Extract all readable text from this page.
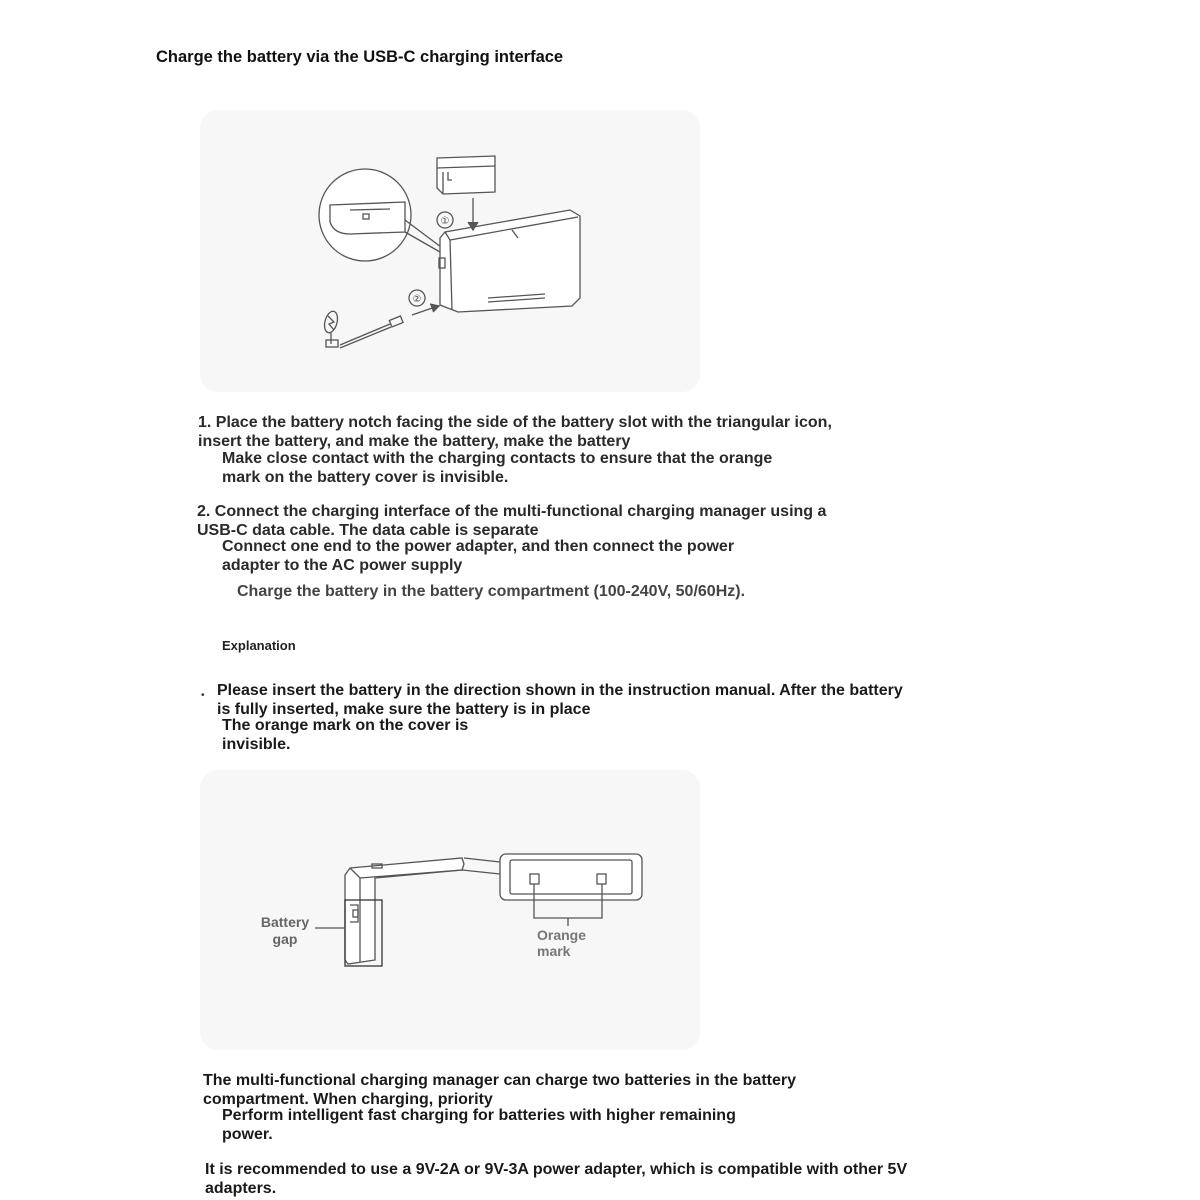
Charge the battery via the USB-C charging interface

①
②

1. Place the battery notch facing the side of the battery slot with the triangular icon,

insert the battery, and make the battery, make the battery

Make close contact with the charging contacts to ensure that the orange

mark on the battery cover is invisible.

2. Connect the charging interface of the multi-functional charging manager using a

USB-C data cable. The data cable is separate

Connect one end to the power adapter, and then connect the power

adapter to the AC power supply

Charge the battery in the battery compartment (100-240V, 50/60Hz).

Explanation

• Please insert the battery in the direction shown in the instruction manual. After the battery

is fully inserted, make sure the battery is in place

The orange mark on the cover is

invisible.

Battery
gap	Orange
mark

The multi-functional charging manager can charge two batteries in the battery

compartment. When charging, priority

Perform intelligent fast charging for batteries with higher remaining

power.

It is recommended to use a 9V-2A or 9V-3A power adapter, which is compatible with other 5V

adapters.
